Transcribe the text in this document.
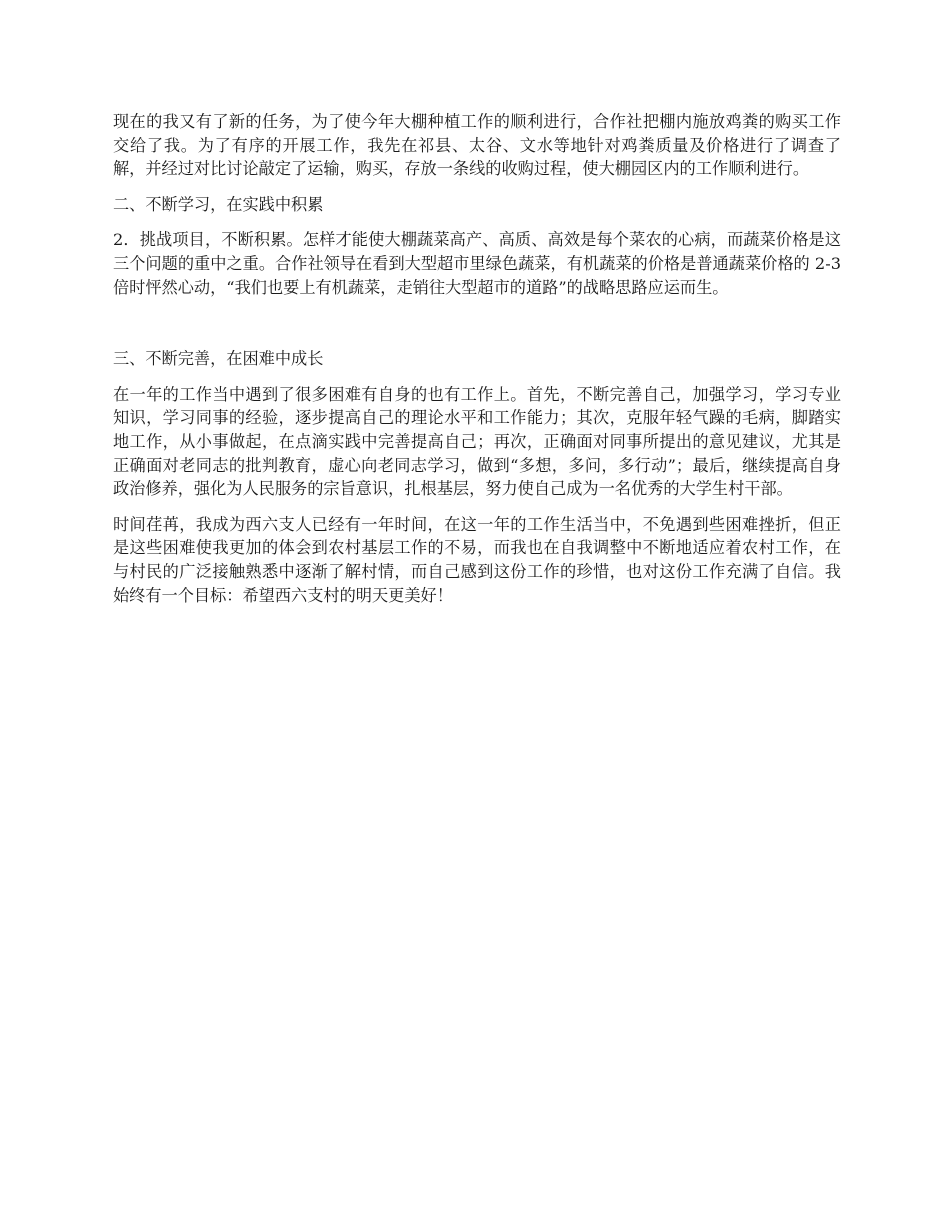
现在的我又有了新的任务，为了使今年大棚种植工作的顺利进行，合作社把棚内施放鸡粪的购买工作交给了我。为了有序的开展工作，我先在祁县、太谷、文水等地针对鸡粪质量及价格进行了调查了解，并经过对比讨论敲定了运输，购买，存放一条线的收购过程，使大棚园区内的工作顺利进行。

二、不断学习，在实践中积累

2．挑战项目，不断积累。怎样才能使大棚蔬菜高产、高质、高效是每个菜农的心病，而蔬菜价格是这三个问题的重中之重。合作社领导在看到大型超市里绿色蔬菜，有机蔬菜的价格是普通蔬菜价格的 2-3 倍时怦然心动，“我们也要上有机蔬菜，走销往大型超市的道路”的战略思路应运而生。

三、不断完善，在困难中成长

在一年的工作当中遇到了很多困难有自身的也有工作上。首先，不断完善自己，加强学习，学习专业知识，学习同事的经验，逐步提高自己的理论水平和工作能力；其次，克服年轻气躁的毛病，脚踏实地工作，从小事做起，在点滴实践中完善提高自己；再次，正确面对同事所提出的意见建议，尤其是正确面对老同志的批判教育，虚心向老同志学习，做到“多想，多问，多行动”；最后，继续提高自身政治修养，强化为人民服务的宗旨意识，扎根基层，努力使自己成为一名优秀的大学生村干部。

时间荏苒，我成为西六支人已经有一年时间，在这一年的工作生活当中，不免遇到些困难挫折，但正是这些困难使我更加的体会到农村基层工作的不易，而我也在自我调整中不断地适应着农村工作，在与村民的广泛接触熟悉中逐渐了解村情，而自己感到这份工作的珍惜，也对这份工作充满了自信。我始终有一个目标：希望西六支村的明天更美好！
